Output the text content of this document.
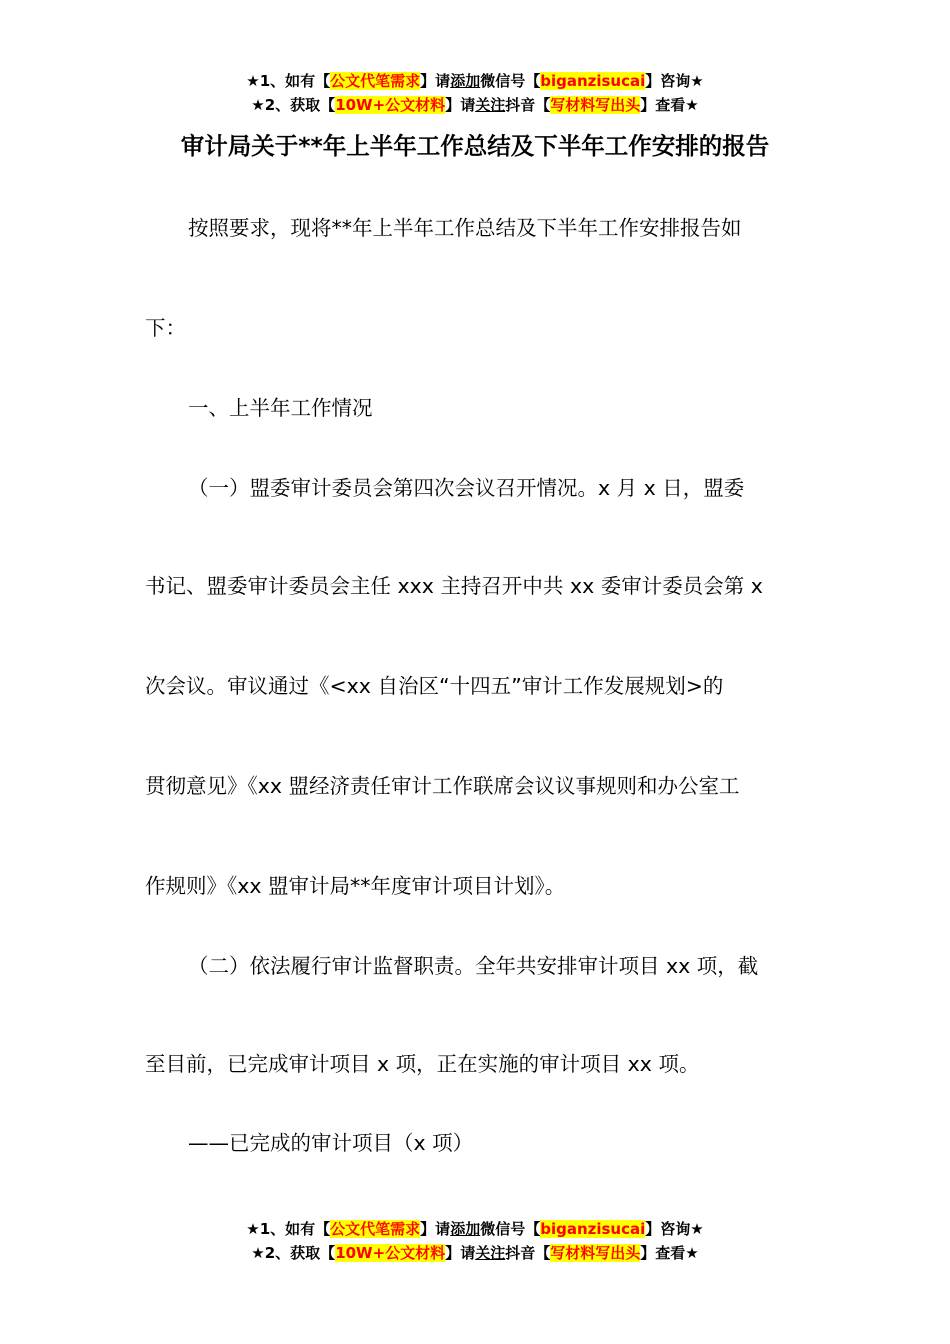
★1、如有【公文代笔需求】请添加微信号【biganzisucai】咨询★
★2、获取【10W+公文材料】请关注抖音【写材料写出头】查看★
审计局关于**年上半年工作总结及下半年工作安排的报告
按照要求，现将**年上半年工作总结及下半年工作安排报告如
下：
一、上半年工作情况
（一）盟委审计委员会第四次会议召开情况。x 月 x 日，盟委
书记、盟委审计委员会主任 xxx 主持召开中共 xx 委审计委员会第 x
次会议。审议通过《<xx 自治区“十四五”审计工作发展规划>的
贯彻意见》《xx 盟经济责任审计工作联席会议议事规则和办公室工
作规则》《xx 盟审计局**年度审计项目计划》。
（二）依法履行审计监督职责。全年共安排审计项目 xx 项，截
至目前，已完成审计项目 x 项，正在实施的审计项目 xx 项。
——已完成的审计项目（x 项）
★1、如有【公文代笔需求】请添加微信号【biganzisucai】咨询★
★2、获取【10W+公文材料】请关注抖音【写材料写出头】查看★
